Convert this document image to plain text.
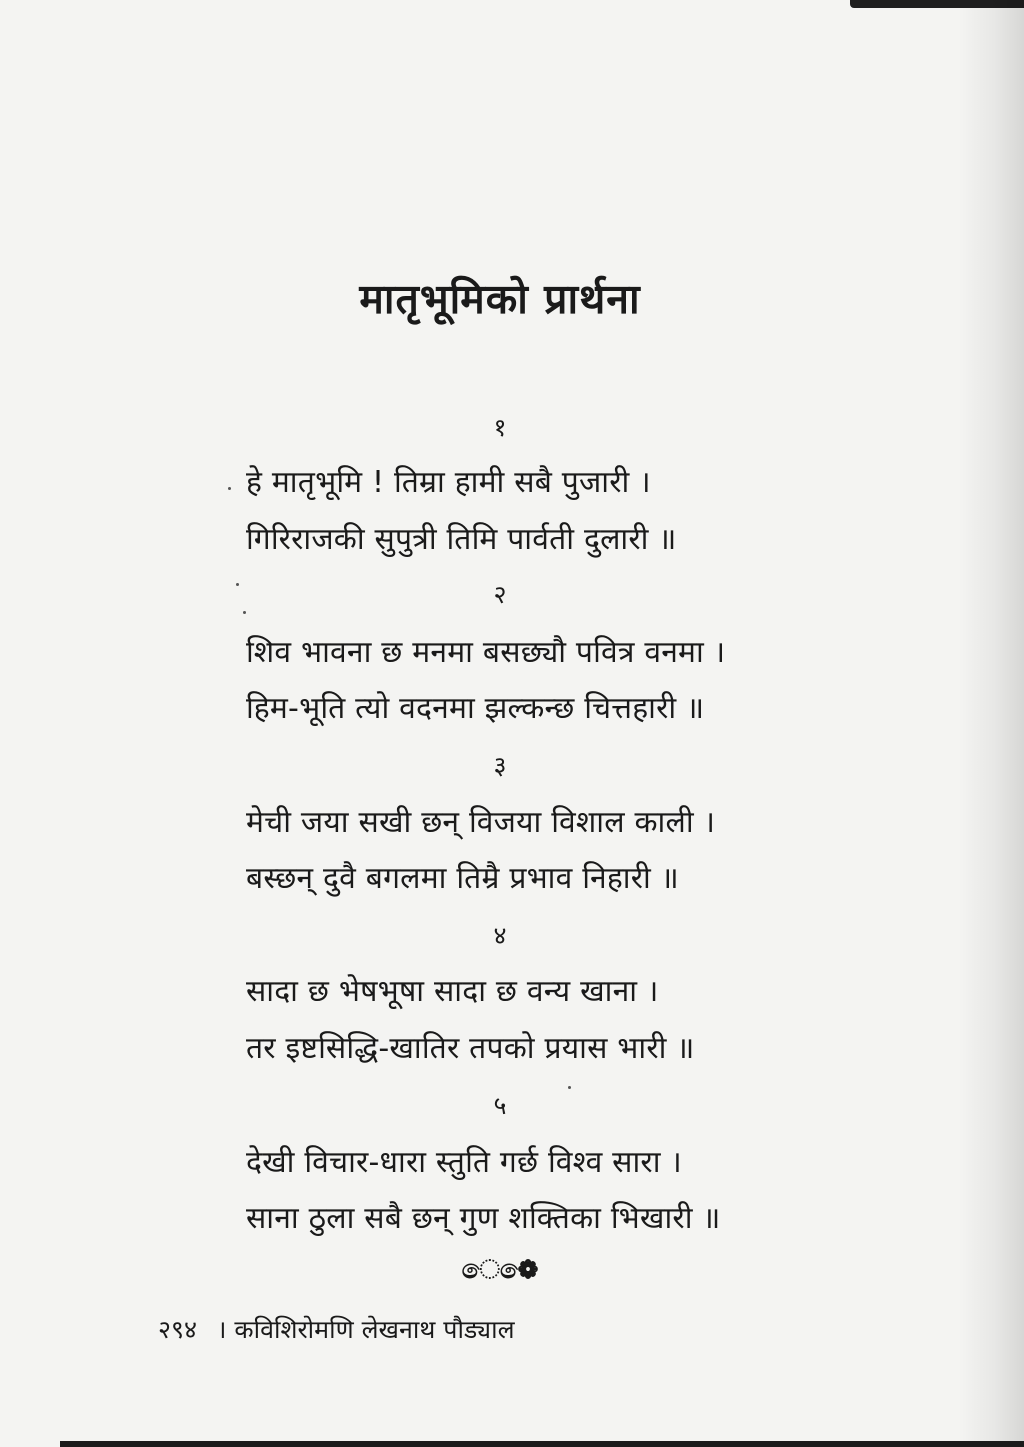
मातृभूमिको प्रार्थना
१
हे मातृभूमि ! तिम्रा हामी सबै पुजारी ।
गिरिराजकी सुपुत्री तिमि पार्वती दुलारी ॥
२
शिव भावना छ मनमा बसछ्यौ पवित्र वनमा ।
हिम-भूति त्यो वदनमा झल्कन्छ चित्तहारी ॥
३
मेची जया सखी छन् विजया विशाल काली ।
बस्छन् दुवै बगलमा तिम्रै प्रभाव निहारी ॥
४
सादा छ भेषभूषा सादा छ वन्य खाना ।
तर इष्टसिद्धि-खातिर तपको प्रयास भारी ॥
५
देखी विचार-धारा स्तुति गर्छ विश्व सारा ।
साना ठुला सबै छन् गुण शक्तिका भिखारी ॥
ෙ❁ෙ
२९४ । कविशिरोमणि लेखनाथ पौड्याल
